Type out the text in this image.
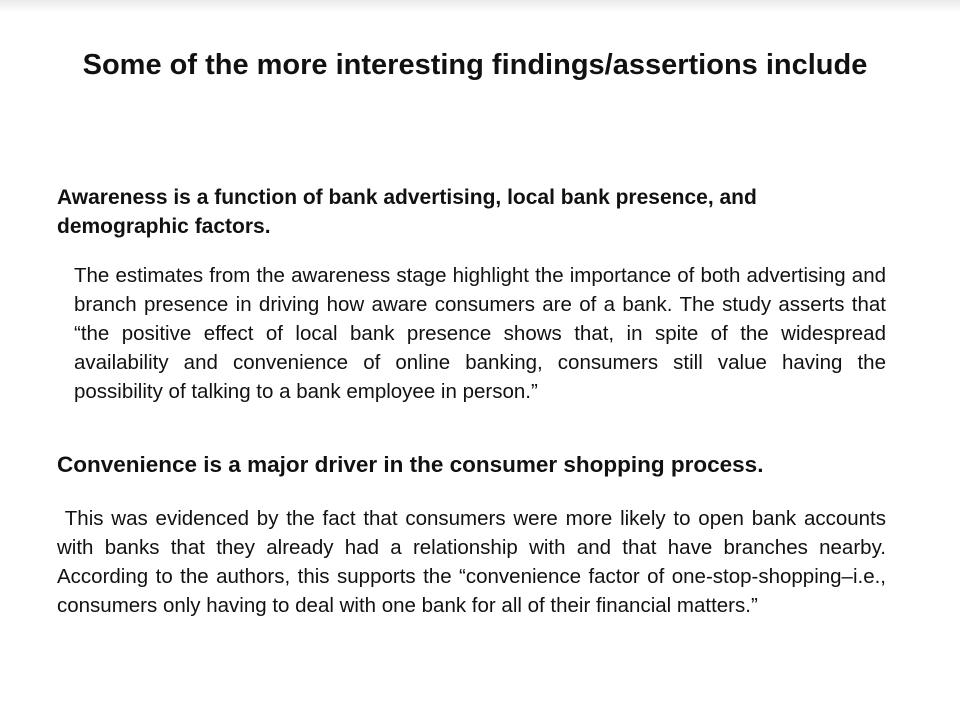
Some of the more interesting findings/assertions include

Awareness is a function of bank advertising, local bank presence, and demographic factors.

The estimates from the awareness stage highlight the importance of both advertising and branch presence in driving how aware consumers are of a bank. The study asserts that “the positive effect of local bank presence shows that, in spite of the widespread availability and convenience of online banking, consumers still value having the possibility of talking to a bank employee in person.”

Convenience is a major driver in the consumer shopping process.

This was evidenced by the fact that consumers were more likely to open bank accounts with banks that they already had a relationship with and that have branches nearby. According to the authors, this supports the “convenience factor of one-stop-shopping–i.e., consumers only having to deal with one bank for all of their financial matters.”
